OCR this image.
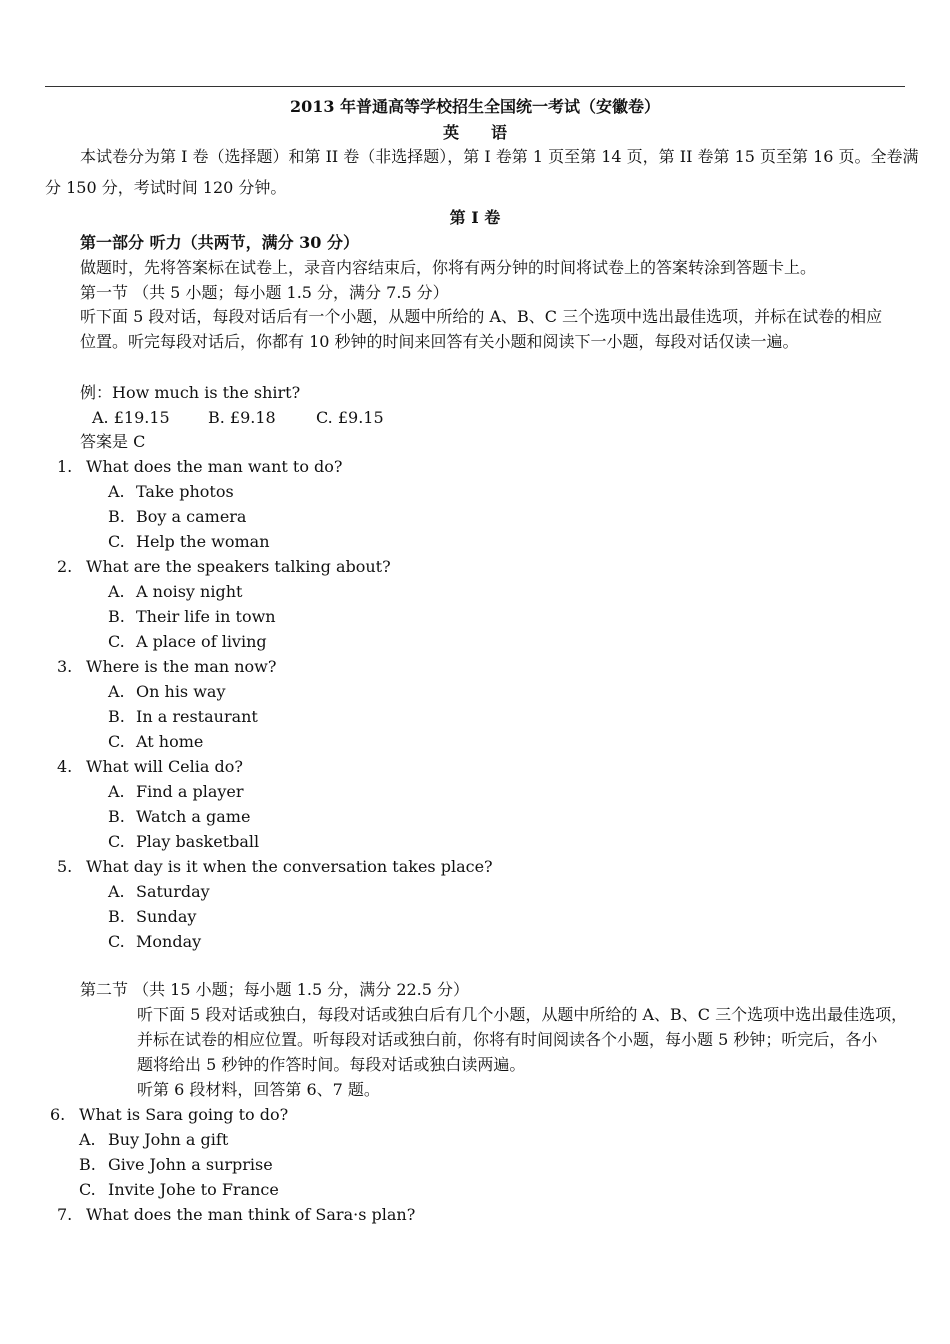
2013 年普通高等学校招生全国统一考试（安徽卷）
英　　语
本试卷分为第 I 卷（选择题）和第 II 卷（非选择题），第 I 卷第 1 页至第 14 页，第 II 卷第 15 页至第 16 页。全卷满
分 150 分，考试时间 120 分钟。
第 I 卷
第一部分 听力（共两节，满分 30 分）
做题时，先将答案标在试卷上，录音内容结束后，你将有两分钟的时间将试卷上的答案转涂到答题卡上。
第一节 （共 5 小题；每小题 1.5 分，满分 7.5 分）
听下面 5 段对话，每段对话后有一个小题，从题中所给的 A、B、C 三个选项中选出最佳选项，并标在试卷的相应
位置。听完每段对话后，你都有 10 秒钟的时间来回答有关小题和阅读下一小题，每段对话仅读一遍。
例：How much is the shirt?
A. £19.15 B. £9.18	C. £9.15
答案是 C
1. What does the man want to do?
A. Take photos
B. Boy a camera
C. Help the woman
2. What are the speakers talking about?
A. A noisy night
B. Their life in town
C. A place of living
3. Where is the man now?
A. On his way
B. In a restaurant
C. At home
4. What will Celia do?
A. Find a player
B. Watch a game
C. Play basketball
5. What day is it when the conversation takes place?
A. Saturday
B. Sunday
C. Monday
第二节 （共 15 小题；每小题 1.5 分，满分 22.5 分）
听下面 5 段对话或独白，每段对话或独白后有几个小题，从题中所给的 A、B、C 三个选项中选出最佳选项，
并标在试卷的相应位置。听每段对话或独白前，你将有时间阅读各个小题，每小题 5 秒钟；听完后，各小
题将给出 5 秒钟的作答时间。每段对话或独白读两遍。
听第 6 段材料，回答第 6、7 题。
6. What is Sara going to do?
A. Buy John a gift
B. Give John a surprise
C. Invite Johe to France
7. What does the man think of Sara·s plan?
